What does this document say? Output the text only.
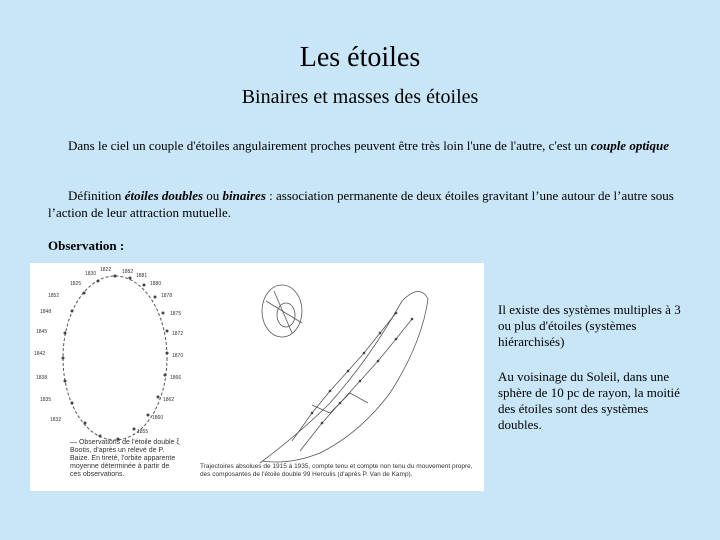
Les étoiles
Binaires et masses des étoiles
Dans le ciel un couple d'étoiles angulairement proches peuvent être très loin l'une de l'autre, c'est un couple optique
Définition étoiles doubles ou binaires : association permanente de deux étoiles gravitant l’une autour de l’autre sous l’action de leur attraction mutuelle.
Observation :
1882
1881
1880
1878
1875
1872
1870
1866
1862
1860
1855
1852
1848
1845
1842
1838
1835
1832
1830
1825
1822
— Observations de l'étoile double ξ Bootis, d'après un relevé de P. Baize. En tireté, l'orbite apparente moyenne déterminée à partir de ces observations.
Trajectoires absolues de 1915 à 1935, compte tenu et compte non tenu du mouvement propre, des composantes de l'étoile double 99 Herculis (d'après P. Van de Kamp).
Il existe des systèmes multiples à 3 ou plus d'étoiles (systèmes hiérarchisés)
Au voisinage du Soleil, dans une sphère de 10 pc de rayon, la moitié des étoiles sont des systèmes doubles.
